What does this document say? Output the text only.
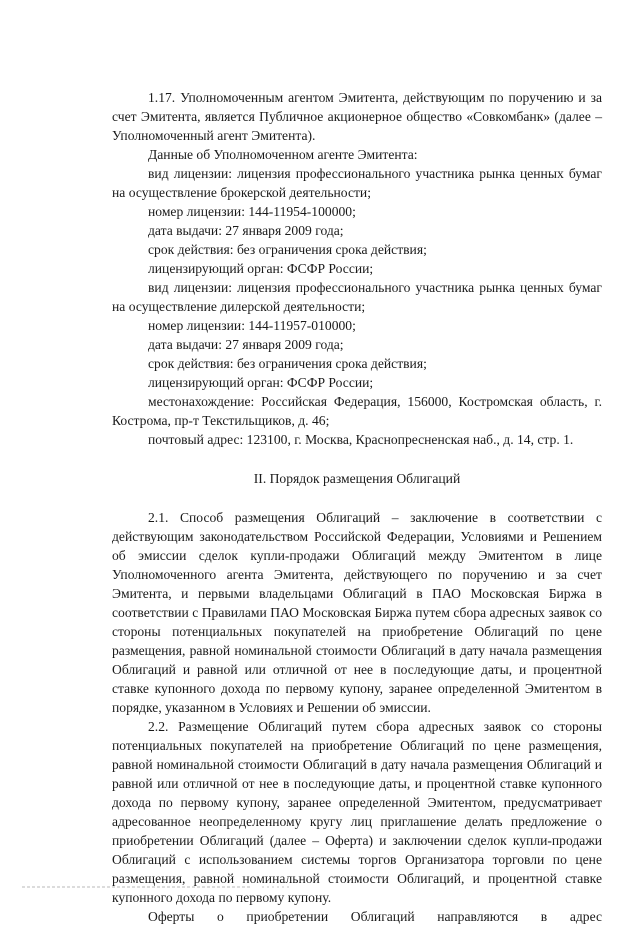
1.17. Уполномоченным агентом Эмитента, действующим по поручению и за счет Эмитента, является Публичное акционерное общество «Совкомбанк» (далее – Уполномоченный агент Эмитента).

Данные об Уполномоченном агенте Эмитента:

вид лицензии: лицензия профессионального участника рынка ценных бумаг на осуществление брокерской деятельности;

номер лицензии: 144-11954-100000;

дата выдачи: 27 января 2009 года;

срок действия: без ограничения срока действия;

лицензирующий орган: ФСФР России;

вид лицензии: лицензия профессионального участника рынка ценных бумаг на осуществление дилерской деятельности;

номер лицензии: 144-11957-010000;

дата выдачи: 27 января 2009 года;

срок действия: без ограничения срока действия;

лицензирующий орган: ФСФР России;

местонахождение: Российская Федерация, 156000, Костромская область, г. Кострома, пр-т Текстильщиков, д. 46;

почтовый адрес: 123100, г. Москва, Краснопресненская наб., д. 14, стр. 1.

II. Порядок размещения Облигаций

2.1. Способ размещения Облигаций – заключение в соответствии с действующим законодательством Российской Федерации, Условиями и Решением об эмиссии сделок купли-продажи Облигаций между Эмитентом в лице Уполномоченного агента Эмитента, действующего по поручению и за счет Эмитента, и первыми владельцами Облигаций в ПАО Московская Биржа в соответствии с Правилами ПАО Московская Биржа путем сбора адресных заявок со стороны потенциальных покупателей на приобретение Облигаций по цене размещения, равной номинальной стоимости Облигаций в дату начала размещения Облигаций и равной или отличной от нее в последующие даты, и процентной ставке купонного дохода по первому купону, заранее определенной Эмитентом в порядке, указанном в Условиях и Решении об эмиссии.

2.2. Размещение Облигаций путем сбора адресных заявок со стороны потенциальных покупателей на приобретение Облигаций по цене размещения, равной номинальной стоимости Облигаций в дату начала размещения Облигаций и равной или отличной от нее в последующие даты, и процентной ставке купонного дохода по первому купону, заранее определенной Эмитентом, предусматривает адресованное неопределенному кругу лиц приглашение делать предложение о приобретении Облигаций (далее – Оферта) и заключении сделок купли-продажи Облигаций с использованием системы торгов Организатора торговли по цене размещения, равной номинальной стоимости Облигаций, и процентной ставке купонного дохода по первому купону.

Оферты о приобретении Облигаций направляются в адрес
